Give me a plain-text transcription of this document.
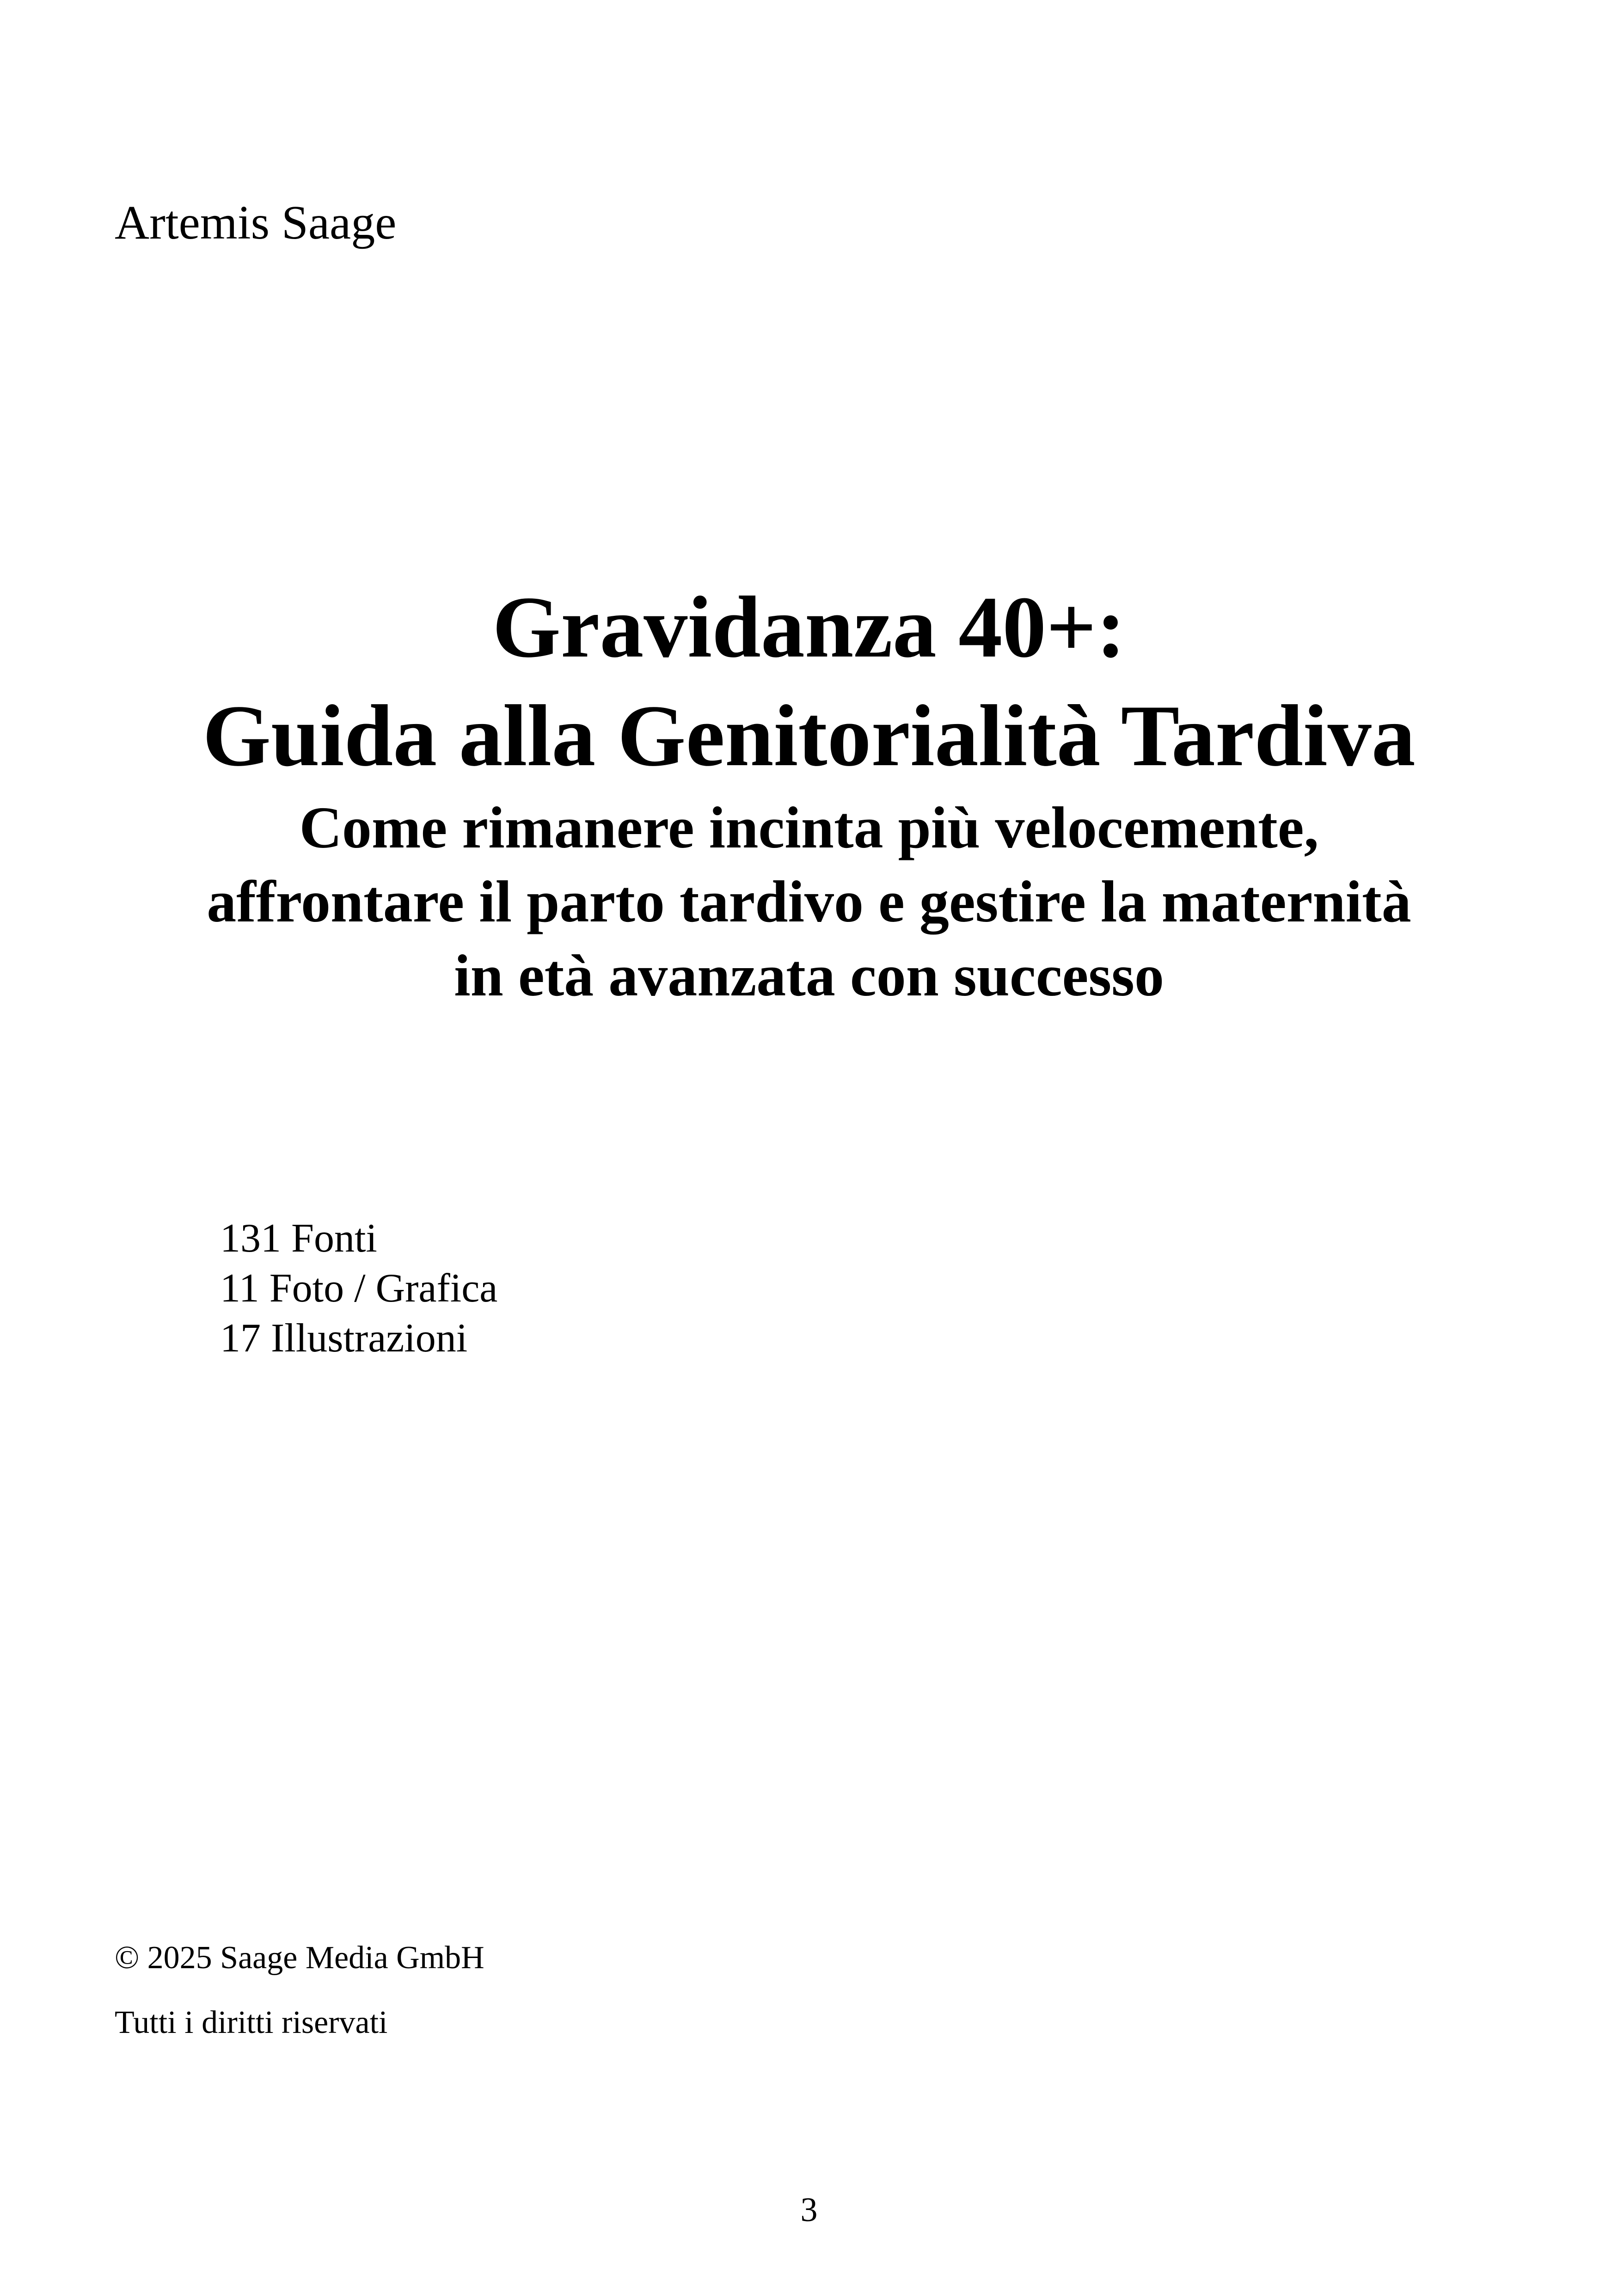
Artemis Saage
Gravidanza 40+:
Guida alla Genitorialità Tardiva
Come rimanere incinta più velocemente,
affrontare il parto tardivo e gestire la maternità
in età avanzata con successo
131 Fonti
11 Foto / Grafica
17 Illustrazioni
© 2025 Saage Media GmbH
Tutti i diritti riservati
3
